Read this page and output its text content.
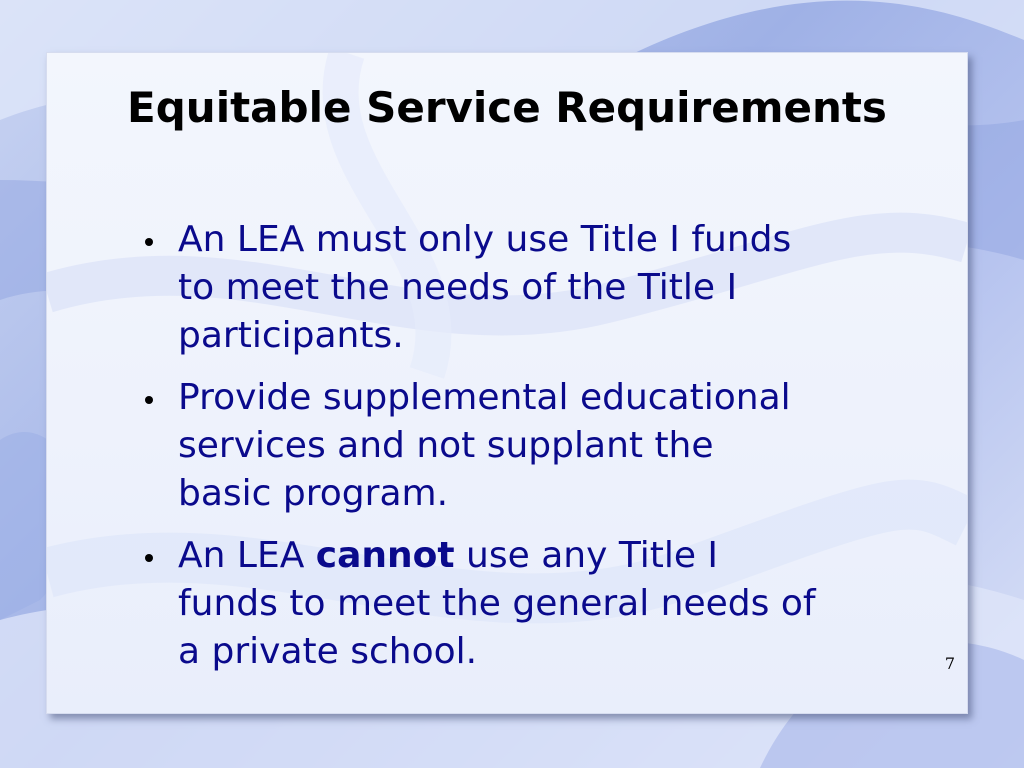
Equitable Service Requirements
An LEA must only use Title I funds
to meet the needs of the Title I
participants.
Provide supplemental educational
services and not supplant the
basic program.
An LEA cannot use any Title I
funds to meet the general needs of
a private school.	7
